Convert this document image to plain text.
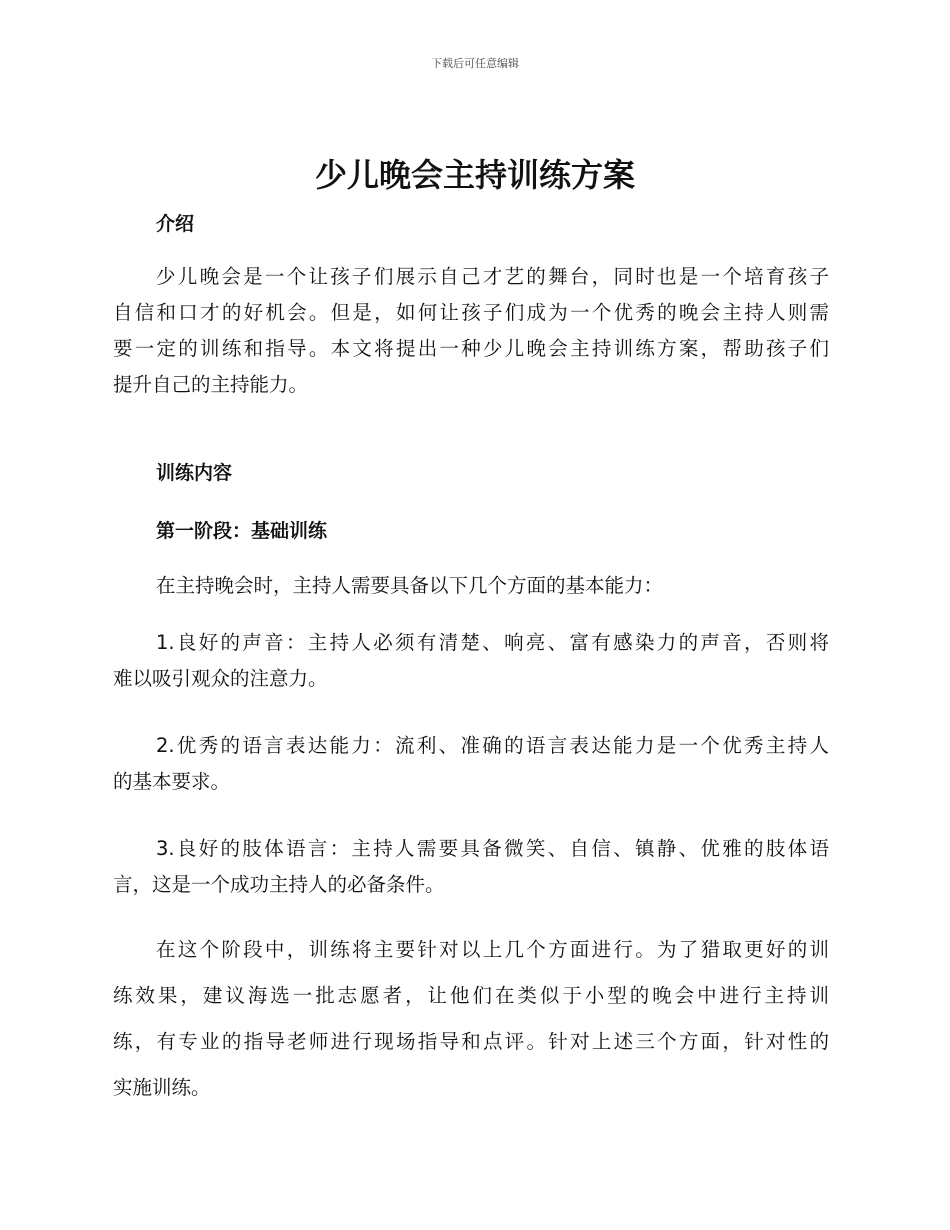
下载后可任意编辑
少儿晚会主持训练方案
介绍

少儿晚会是一个让孩子们展示自己才艺的舞台，同时也是一个培育孩子
自信和口才的好机会。但是，如何让孩子们成为一个优秀的晚会主持人则需
要一定的训练和指导。本文将提出一种少儿晚会主持训练方案，帮助孩子们
提升自己的主持能力。

训练内容
第一阶段：基础训练

在主持晚会时，主持人需要具备以下几个方面的基本能力：

1.良好的声音：主持人必须有清楚、响亮、富有感染力的声音，否则将
难以吸引观众的注意力。

2.优秀的语言表达能力：流利、准确的语言表达能力是一个优秀主持人
的基本要求。

3.良好的肢体语言：主持人需要具备微笑、自信、镇静、优雅的肢体语
言，这是一个成功主持人的必备条件。

在这个阶段中，训练将主要针对以上几个方面进行。为了猎取更好的训
练效果，建议海选一批志愿者，让他们在类似于小型的晚会中进行主持训
练，有专业的指导老师进行现场指导和点评。针对上述三个方面，针对性的
实施训练。
